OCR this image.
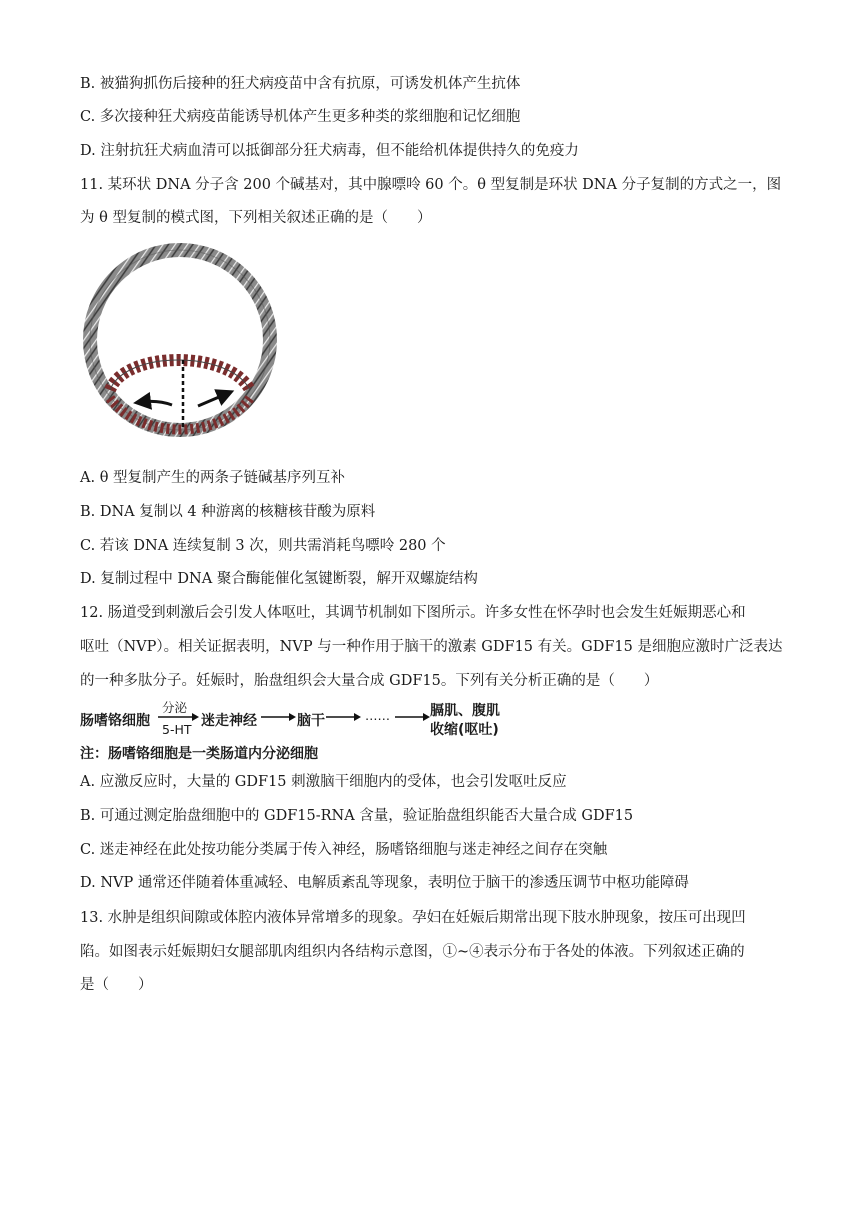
B. 被猫狗抓伤后接种的狂犬病疫苗中含有抗原，可诱发机体产生抗体
C. 多次接种狂犬病疫苗能诱导机体产生更多种类的浆细胞和记忆细胞
D. 注射抗狂犬病血清可以抵御部分狂犬病毒，但不能给机体提供持久的免疫力
11. 某环状 DNA 分子含 200 个碱基对，其中腺嘌呤 60 个。θ 型复制是环状 DNA 分子复制的方式之一，图
为 θ 型复制的模式图，下列相关叙述正确的是（　　）
A. θ 型复制产生的两条子链碱基序列互补
B. DNA 复制以 4 种游离的核糖核苷酸为原料
C. 若该 DNA 连续复制 3 次，则共需消耗鸟嘌呤 280 个
D. 复制过程中 DNA 聚合酶能催化氢键断裂，解开双螺旋结构
12. 肠道受到刺激后会引发人体呕吐，其调节机制如下图所示。许多女性在怀孕时也会发生妊娠期恶心和
呕吐（NVP）。相关证据表明，NVP 与一种作用于脑干的激素 GDF15 有关。GDF15 是细胞应激时广泛表达
的一种多肽分子。妊娠时，胎盘组织会大量合成 GDF15。下列有关分析正确的是（　　）
肠嗜铬细胞
分泌
5-HT
迷走神经	脑干	……	膈肌、腹肌
收缩(呕吐)
注：肠嗜铬细胞是一类肠道内分泌细胞
A. 应激反应时，大量的 GDF15 刺激脑干细胞内的受体，也会引发呕吐反应
B. 可通过测定胎盘细胞中的 GDF15-RNA 含量，验证胎盘组织能否大量合成 GDF15
C. 迷走神经在此处按功能分类属于传入神经，肠嗜铬细胞与迷走神经之间存在突触
D. NVP 通常还伴随着体重减轻、电解质紊乱等现象，表明位于脑干的渗透压调节中枢功能障碍
13. 水肿是组织间隙或体腔内液体异常增多的现象。孕妇在妊娠后期常出现下肢水肿现象，按压可出现凹
陷。如图表示妊娠期妇女腿部肌肉组织内各结构示意图，①~④表示分布于各处的体液。下列叙述正确的
是（　　）
